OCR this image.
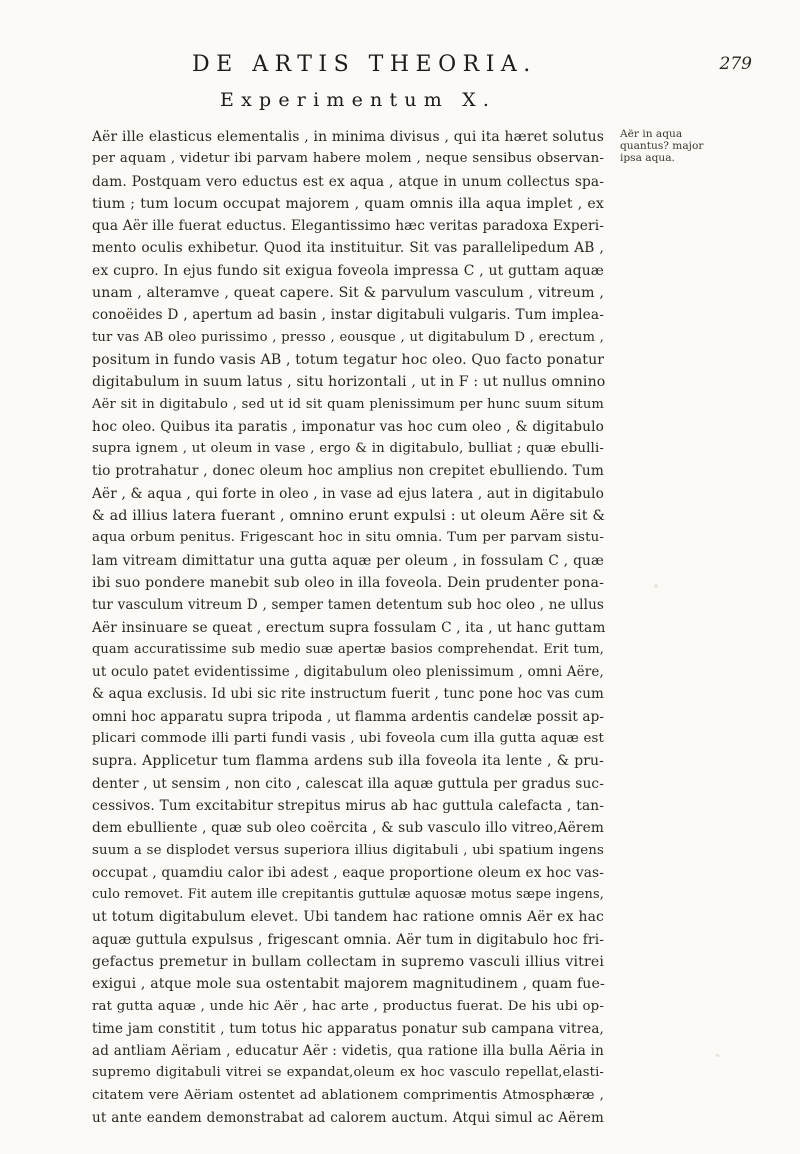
DE ARTIS THEORIA.	279
Experimentum X.
Aër ille elasticus elementalis , in minima divisus , qui ita hæret solutus
per aquam , videtur ibi parvam habere molem , neque sensibus observan-
dam. Postquam vero eductus est ex aqua , atque in unum collectus spa-
tium ; tum locum occupat majorem , quam omnis illa aqua implet , ex
qua Aër ille fuerat eductus. Elegantissimo hæc veritas paradoxa Experi-
mento oculis exhibetur. Quod ita instituitur. Sit vas parallelipedum AB ,
ex cupro. In ejus fundo sit exigua foveola impressa C , ut guttam aquæ
unam , alteramve , queat capere. Sit & parvulum vasculum , vitreum ,
conoëides D , apertum ad basin , instar digitabuli vulgaris. Tum implea-
tur vas AB oleo purissimo , presso , eousque , ut digitabulum D , erectum ,
positum in fundo vasis AB , totum tegatur hoc oleo. Quo facto ponatur
digitabulum in suum latus , situ horizontali , ut in F : ut nullus omnino
Aër sit in digitabulo , sed ut id sit quam plenissimum per hunc suum situm
hoc oleo. Quibus ita paratis , imponatur vas hoc cum oleo , & digitabulo
supra ignem , ut oleum in vase , ergo & in digitabulo, bulliat ; quæ ebulli-
tio protrahatur , donec oleum hoc amplius non crepitet ebulliendo. Tum
Aër , & aqua , qui forte in oleo , in vase ad ejus latera , aut in digitabulo
& ad illius latera fuerant , omnino erunt expulsi : ut oleum Aëre sit &
aqua orbum penitus. Frigescant hoc in situ omnia. Tum per parvam sistu-
lam vitream dimittatur una gutta aquæ per oleum , in fossulam C , quæ
ibi suo pondere manebit sub oleo in illa foveola. Dein prudenter pona-
tur vasculum vitreum D , semper tamen detentum sub hoc oleo , ne ullus
Aër insinuare se queat , erectum supra fossulam C , ita , ut hanc guttam
quam accuratissime sub medio suæ apertæ basios comprehendat. Erit tum,
ut oculo patet evidentissime , digitabulum oleo plenissimum , omni Aëre,
& aqua exclusis. Id ubi sic rite instructum fuerit , tunc pone hoc vas cum
omni hoc apparatu supra tripoda , ut flamma ardentis candelæ possit ap-
plicari commode illi parti fundi vasis , ubi foveola cum illa gutta aquæ est
supra. Applicetur tum flamma ardens sub illa foveola ita lente , & pru-
denter , ut sensim , non cito , calescat illa aquæ guttula per gradus suc-
cessivos. Tum excitabitur strepitus mirus ab hac guttula calefacta , tan-
dem ebulliente , quæ sub oleo coërcita , & sub vasculo illo vitreo,Aërem
suum a se displodet versus superiora illius digitabuli , ubi spatium ingens
occupat , quamdiu calor ibi adest , eaque proportione oleum ex hoc vas-
culo removet. Fit autem ille crepitantis guttulæ aquosæ motus sæpe ingens,
ut totum digitabulum elevet. Ubi tandem hac ratione omnis Aër ex hac
aquæ guttula expulsus , frigescant omnia. Aër tum in digitabulo hoc fri-
gefactus premetur in bullam collectam in supremo vasculi illius vitrei
exigui , atque mole sua ostentabit majorem magnitudinem , quam fue-
rat gutta aquæ , unde hic Aër , hac arte , productus fuerat. De his ubi op-
time jam constitit , tum totus hic apparatus ponatur sub campana vitrea,
ad antliam Aëriam , educatur Aër : videtis, qua ratione illa bulla Aëria in
supremo digitabuli vitrei se expandat,oleum ex hoc vasculo repellat,elasti-
citatem vere Aëriam ostentet ad ablationem comprimentis Atmosphæræ ,
ut ante eandem demonstrabat ad calorem auctum. Atqui simul ac Aërem
Aër in aqua
quantus? major
ipsa aqua.
